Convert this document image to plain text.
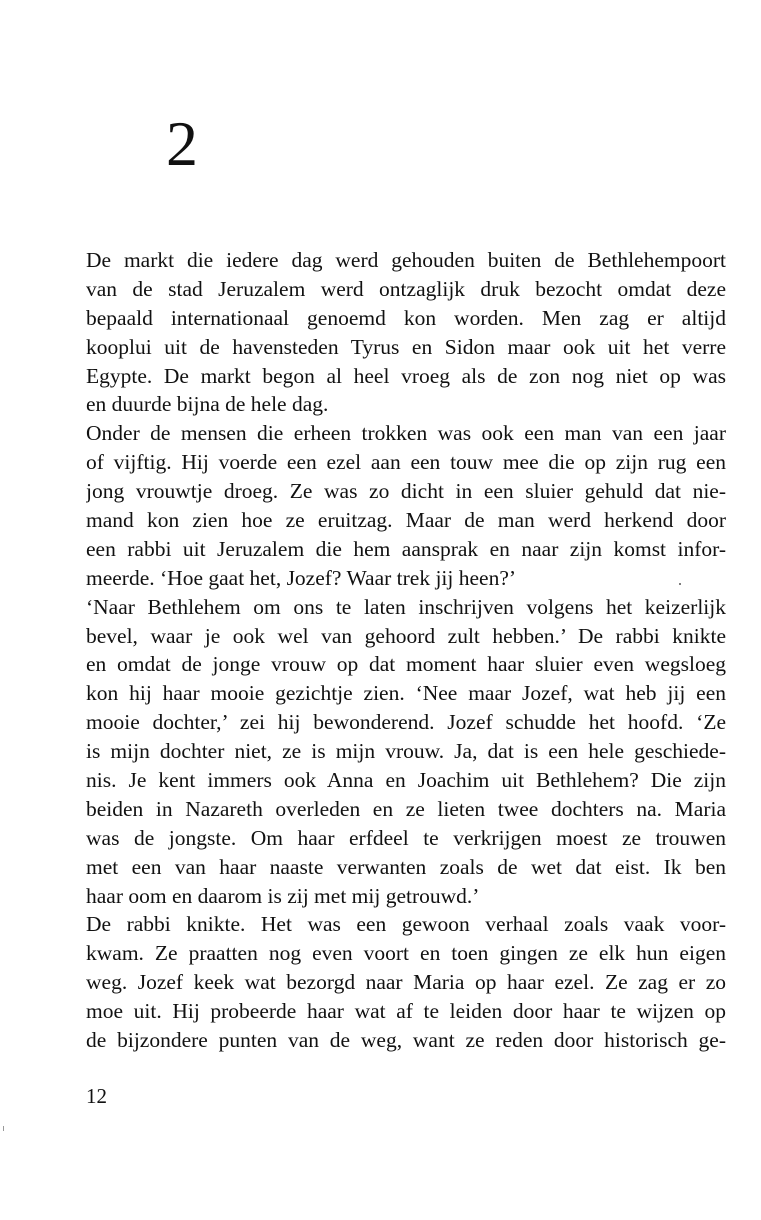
2
De markt die iedere dag werd gehouden buiten de Bethlehempoort
van de stad Jeruzalem werd ontzaglijk druk bezocht omdat deze
bepaald internationaal genoemd kon worden. Men zag er altijd
kooplui uit de havensteden Tyrus en Sidon maar ook uit het verre
Egypte. De markt begon al heel vroeg als de zon nog niet op was
en duurde bijna de hele dag.
Onder de mensen die erheen trokken was ook een man van een jaar
of vijftig. Hij voerde een ezel aan een touw mee die op zijn rug een
jong vrouwtje droeg. Ze was zo dicht in een sluier gehuld dat nie-
mand kon zien hoe ze eruitzag. Maar de man werd herkend door
een rabbi uit Jeruzalem die hem aansprak en naar zijn komst infor-
meerde. ‘Hoe gaat het, Jozef? Waar trek jij heen?’
‘Naar Bethlehem om ons te laten inschrijven volgens het keizerlijk
bevel, waar je ook wel van gehoord zult hebben.’ De rabbi knikte
en omdat de jonge vrouw op dat moment haar sluier even wegsloeg
kon hij haar mooie gezichtje zien. ‘Nee maar Jozef, wat heb jij een
mooie dochter,’ zei hij bewonderend. Jozef schudde het hoofd. ‘Ze
is mijn dochter niet, ze is mijn vrouw. Ja, dat is een hele geschiede-
nis. Je kent immers ook Anna en Joachim uit Bethlehem? Die zijn
beiden in Nazareth overleden en ze lieten twee dochters na. Maria
was de jongste. Om haar erfdeel te verkrijgen moest ze trouwen
met een van haar naaste verwanten zoals de wet dat eist. Ik ben
haar oom en daarom is zij met mij getrouwd.’
De rabbi knikte. Het was een gewoon verhaal zoals vaak voor-
kwam. Ze praatten nog even voort en toen gingen ze elk hun eigen
weg. Jozef keek wat bezorgd naar Maria op haar ezel. Ze zag er zo
moe uit. Hij probeerde haar wat af te leiden door haar te wijzen op
de bijzondere punten van de weg, want ze reden door historisch ge-
12
